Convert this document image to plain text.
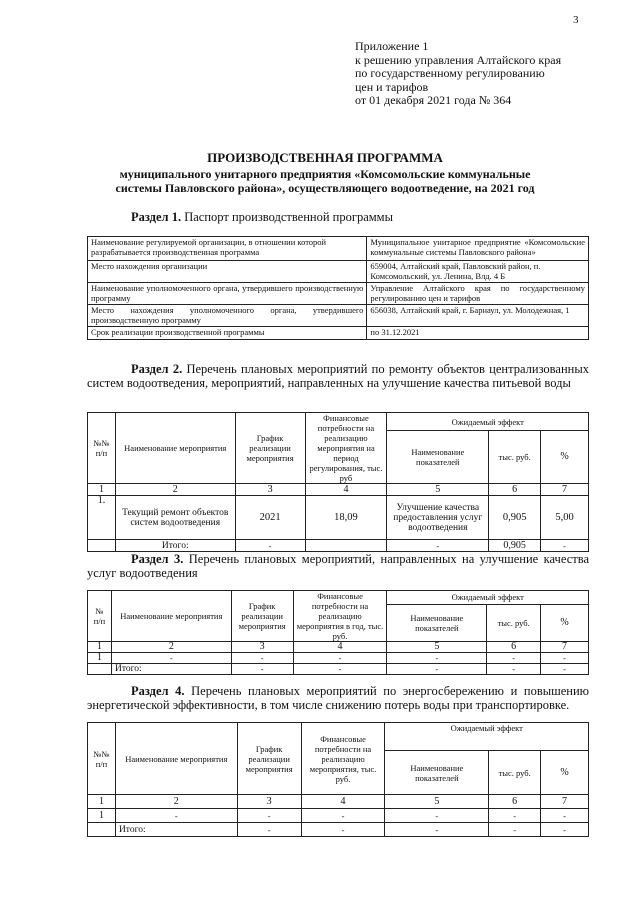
3
Приложение 1
к решению управления Алтайского края
по государственному регулированию
цен и тарифов
от 01 декабря 2021 года № 364
ПРОИЗВОДСТВЕННАЯ ПРОГРАММА
муниципального унитарного предприятия «Комсомольские коммунальные
системы Павловского района», осуществляющего водоотведение, на 2021 год
Раздел 1. Паспорт производственной программы
Наименование регулируемой организации, в отношении которой разрабатывается производственная программа	Муниципальное унитарное предприятие «Комсомольские коммунальные системы Павловского района»
Место нахождения организации	659004, Алтайский край, Павловский район, п. Комсомольский, ул. Ленина, Влд. 4 Б
Наименование уполномоченного органа, утвердившего производственную программу	Управление Алтайского края по государственному регулированию цен и тарифов
Место нахождения уполномоченного органа, утвердившего производственную программу	656038, Алтайский край, г. Барнаул, ул. Молодежная, 1
Срок реализации производственной программы	по 31.12.2021
Раздел 2. Перечень плановых мероприятий по ремонту объектов централизованных систем водоотведения, мероприятий, направленных на улучшение качества питьевой воды
№№ п/п	Наименование мероприятия	График реализации мероприятия	Финансовые потребности на реализацию мероприятия на период регулирования, тыс. руб	Ожидаемый эффект		
				Наименование показателей	тыс. руб.	%
1	2	3	4	5	6	7
1.	Текущий ремонт объектов систем водоотведения	2021	18,09	Улучшение качества предоставления услуг водоотведения	0,905	5,00
	Итого:	-		-	0,905	-
Раздел 3. Перечень плановых мероприятий, направленных на улучшение качества услуг водоотведения
№ п/п	Наименование мероприятия	График реализации мероприятия	Финансовые потребности на реализацию мероприятия в год, тыс. руб.	Ожидаемый эффект		
				Наименование показателей	тыс. руб.	%
1	2	3	4	5	6	7
1	-	-	-	-	-	-
	Итого:	-	-	-	-	-
Раздел 4. Перечень плановых мероприятий по энергосбережению и повышению энергетической эффективности, в том числе снижению потерь воды при транспортировке.
№№ п/п	Наименование мероприятия	График реализации мероприятия	Финансовые потребности на реализацию мероприятия, тыс. руб.	Ожидаемый эффект		
				Наименование показателей	тыс. руб.	%
1	2	3	4	5	6	7
1	-	-	-	-	-	-
	Итого:	-	-	-	-	-
